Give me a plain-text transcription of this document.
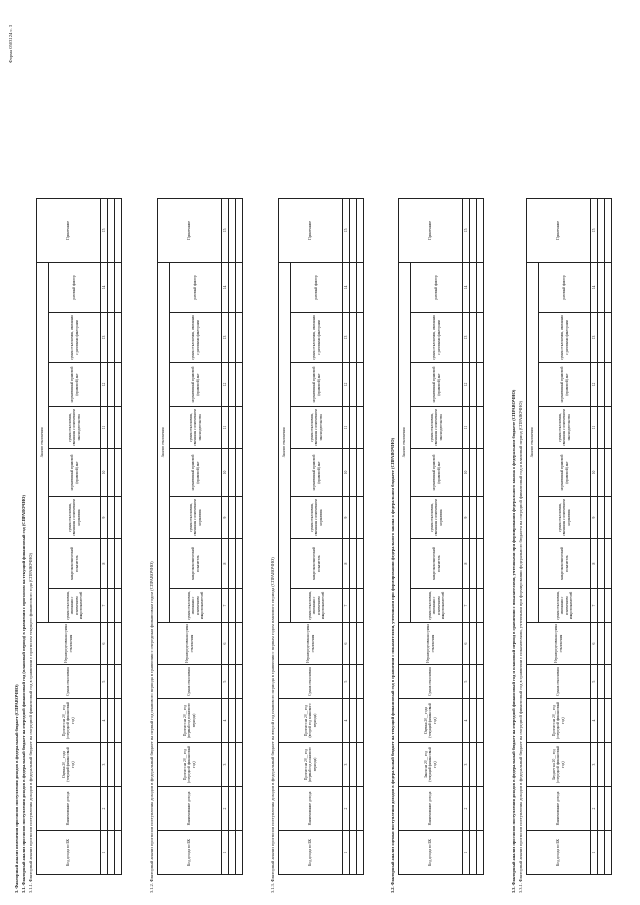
Форма 0503124 с. 3
3. Факторный анализ изменения прогнозов поступления доходов в федеральный бюджет (СПРАВОЧНО) 3.1. Факторный анализ прогнозов поступления доходов в федеральный бюджет на очередной финансовый год (плановый период) в сравнении с прогнозом на текущий финансовый год (СПРАВОЧНО) 3.1.1. Факторный анализ прогнозов поступления доходов в федеральный бюджет на очередной финансовый год в сравнении с прогнозом текущего финансового года (СПРАВОЧНО)	Код дохода по БК	Наименование дохода	Оценка 20__ года (текущий финансовый год)	Прогноз на 20__ год (очередной финансовый год)	Сумма отклонения	Нераспределенная сумма отклонения	Анализ отклонения								Примечание
						сумма отклонения, связанная с изменением макропоказателей	макроэкономический показатель	сумма отклонения, связанная с изменением норматива	нормативный правовой (правовой) акт	сумма отклонения, связанная с изменением законодательства	нормативный правовой (правовой) акт	сумма отклонения, связанная с разовыми факторами	разовый фактор	
1	2	3	4	5	6	7	8	9	10	11	12	13	14	15

3.1.2. Факторный анализ прогнозов поступления доходов в федеральный бюджет на первый год планового периода в сравнении с очередным финансовым годом (СПРАВОЧНО)	Код дохода по БК	Наименование дохода	Прогноз на 20__ год (очередной финансовый год)	Прогноз на 20__ год (первый год планового периода)	Сумма отклонения	Нераспределенная сумма отклонения	Анализ отклонения								Примечание
						сумма отклонения, связанная с изменением макропоказателей	макроэкономический показатель	сумма отклонения, связанная с изменением норматива	нормативный правовой (правовой) акт	сумма отклонения, связанная с изменением законодательства	нормативный правовой (правовой) акт	сумма отклонения, связанная с разовыми факторами	разовый фактор	
1	2	3	4	5	6	7	8	9	10	11	12	13	14	15

3.1.3. Факторный анализ прогнозов поступления доходов в федеральный бюджет на второй год планового периода в сравнении с первым годом планового периода (СПРАВОЧНО)	Код дохода по БК	Наименование дохода	Прогноз на 20__ год (первый год планового периода)	Прогноз на 20__ год (второй год планового периода)	Сумма отклонения	Нераспределенная сумма отклонения	Анализ отклонения								Примечание
						сумма отклонения, связанная с изменением макропоказателей	макроэкономический показатель	сумма отклонения, связанная с изменением норматива	нормативный правовой (правовой) акт	сумма отклонения, связанная с изменением законодательства	нормативный правовой (правовой) акт	сумма отклонения, связанная с разовыми факторами	разовый фактор	
1	2	3	4	5	6	7	8	9	10	11	12	13	14	15

3.2. Факторный анализ оценки поступления доходов в федеральный бюджет на текущий финансовый год в сравнении с показателями, учтенными при формировании федерального закона о федеральном бюджете (СПРАВОЧНО)	Код дохода по БК	Наименование дохода	Закон на 20__ год (текущий финансовый год)	Оценка 20__ года (текущий финансовый год)	Сумма отклонения	Нераспределенная сумма отклонения	Анализ отклонения								Примечание
						сумма отклонения, связанная с изменением макропоказателей	макроэкономический показатель	сумма отклонения, связанная с изменением норматива	нормативный правовой (правовой) акт	сумма отклонения, связанная с изменением законодательства	нормативный правовой (правовой) акт	сумма отклонения, связанная с разовыми факторами	разовый фактор	
1	2	3	4	5	6	7	8	9	10	11	12	13	14	15

3.3. Факторный анализ прогнозов поступления доходов в федеральный бюджет на очередной финансовый год и плановый период в сравнении с показателями, учтенными при формировании федерального закона о федеральном бюджете (СПРАВОЧНО) 3.3.1. Факторный анализ прогнозов поступления доходов в федеральный бюджет на очередной финансовый год в сравнении с показателями, учтенными при формировании федерального бюджета на очередной финансовый год и плановый период (СПРАВОЧНО)	Код дохода по БК	Наименование дохода	Бюджет на 20__ год (очередной финансовый год)	Прогноз на 20__ год (очередной финансовый год)	Сумма отклонения	Нераспределенная сумма отклонения	Анализ отклонения								Примечание
						сумма отклонения, связанная с изменением макропоказателей	макроэкономический показатель	сумма отклонения, связанная с изменением норматива	нормативный правовой (правовой) акт	сумма отклонения, связанная с изменением законодательства	нормативный правовой (правовой) акт	сумма отклонения, связанная с разовыми факторами	разовый фактор	
1	2	3	4	5	6	7	8	9	10	11	12	13	14	15
